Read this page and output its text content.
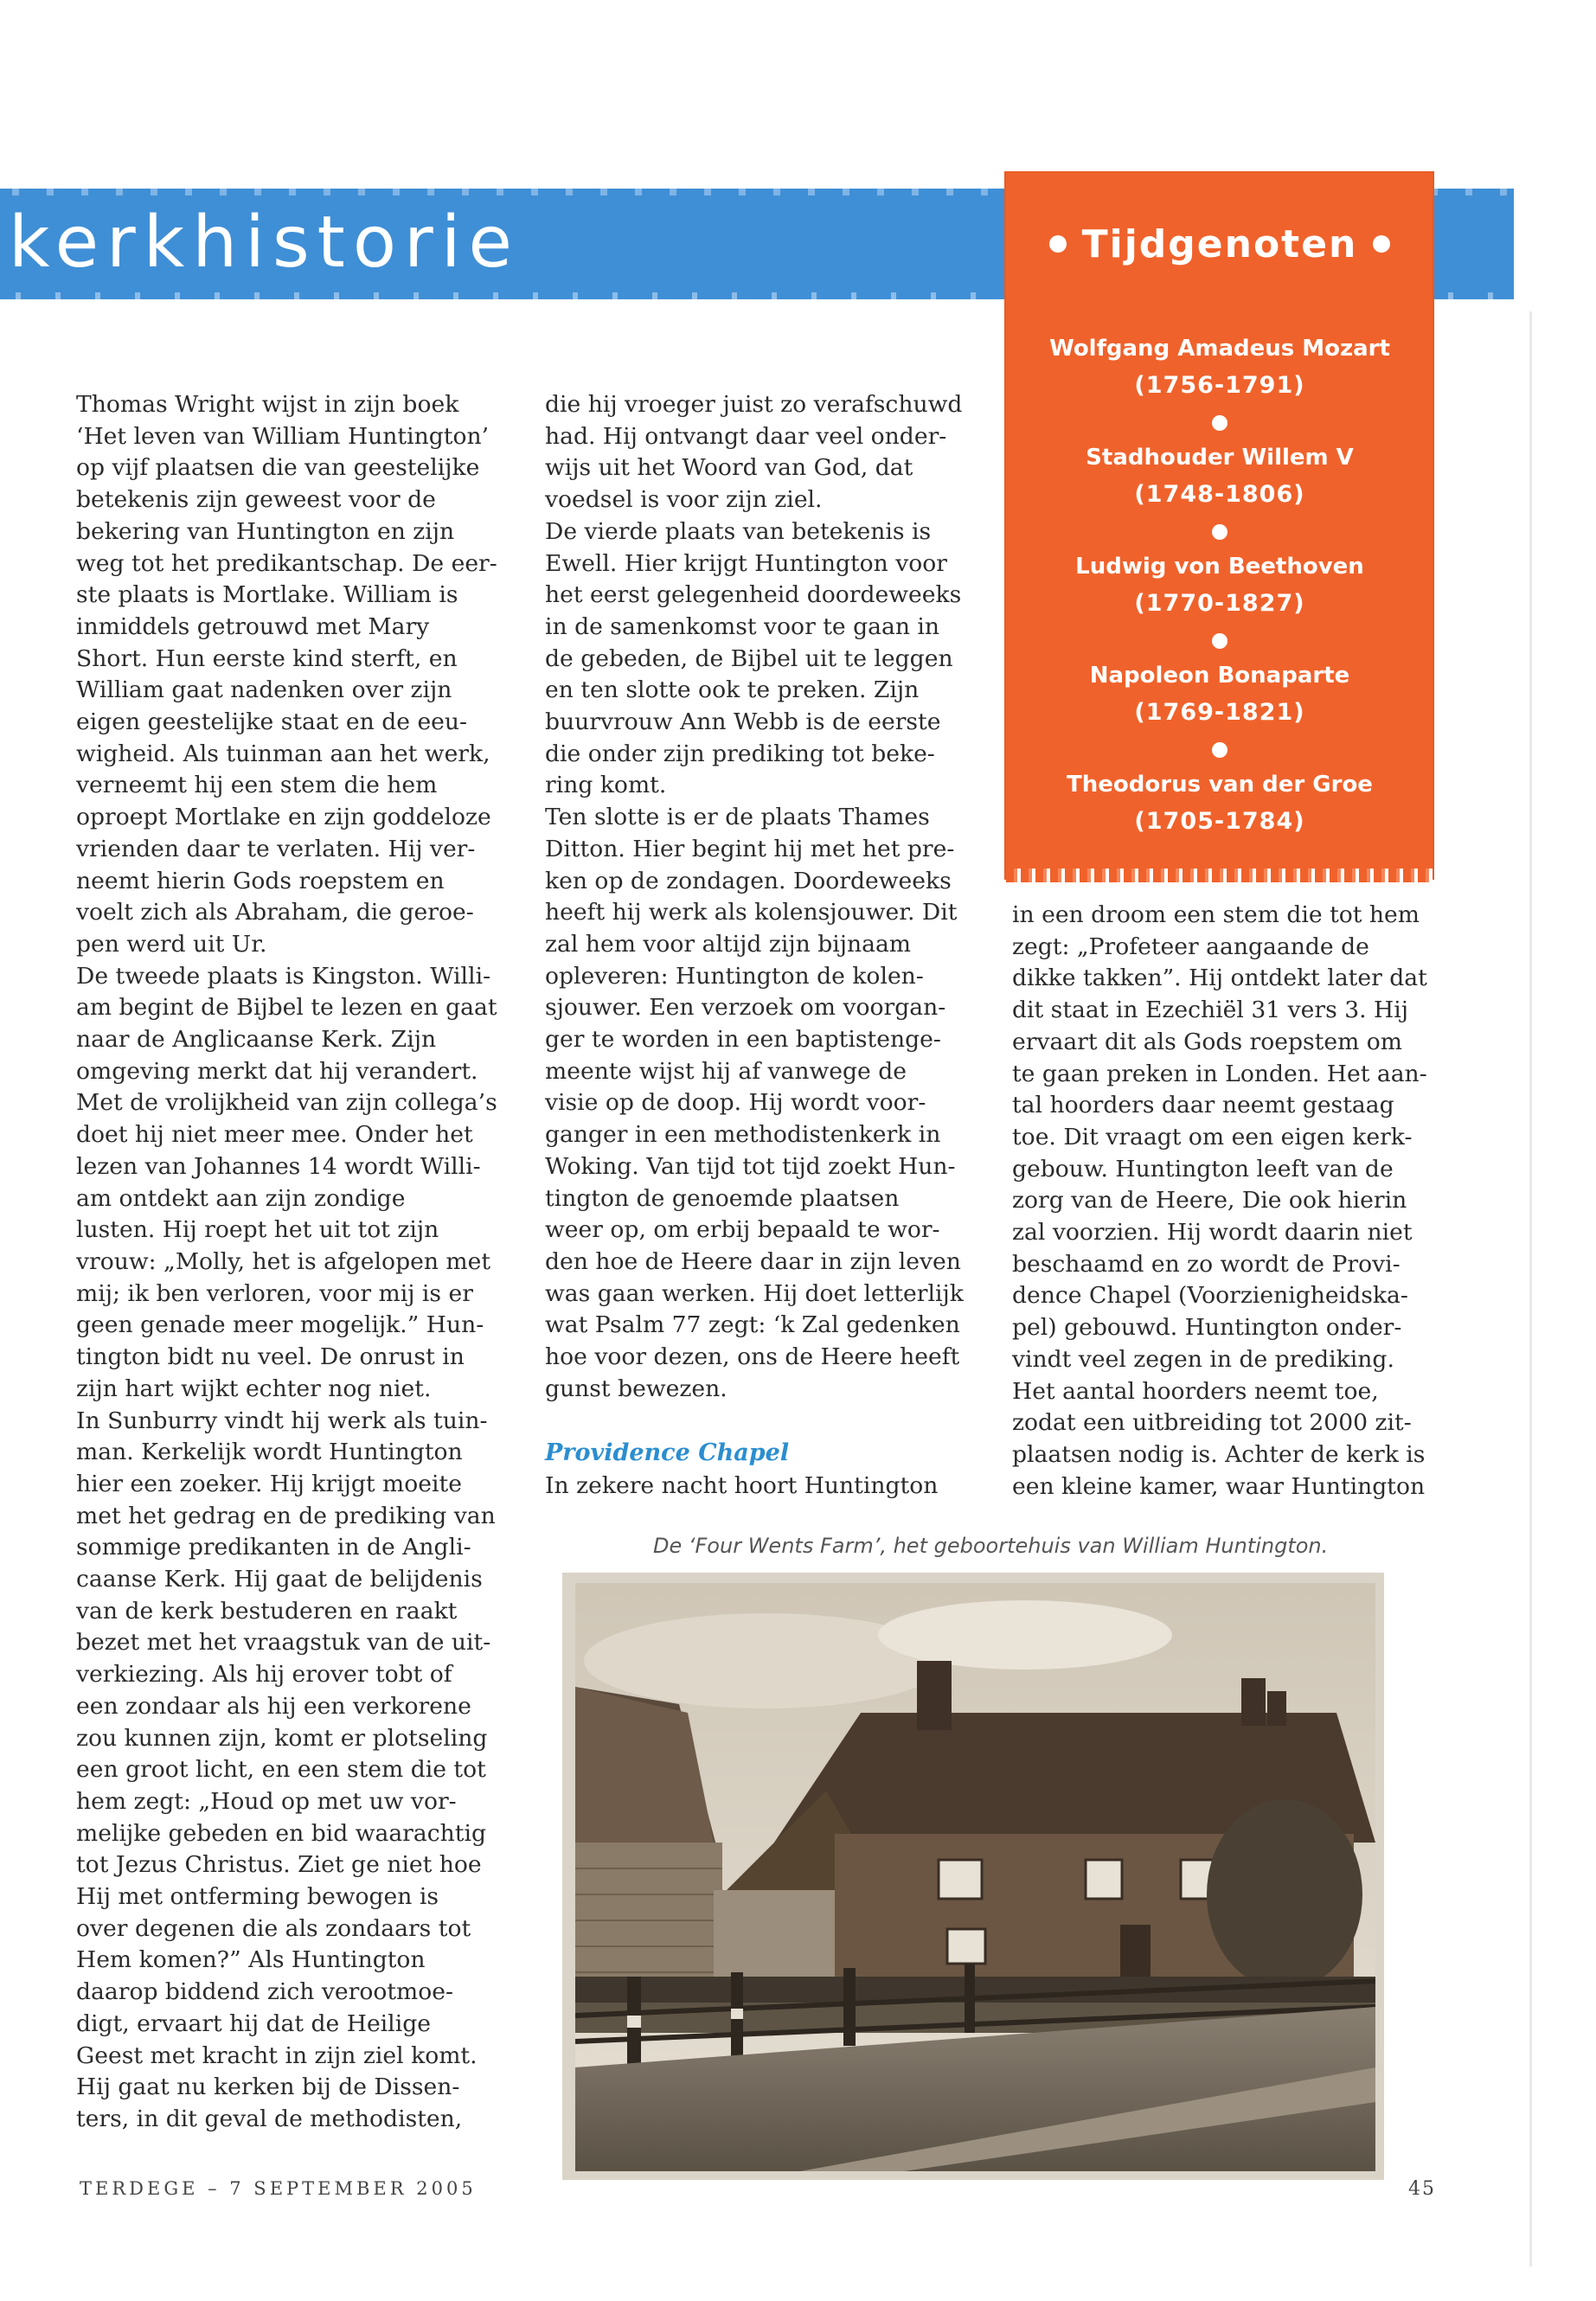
kerkhistorie	Tijdgenoten
Wolfgang Amadeus Mozart
(1756-1791)
Stadhouder Willem V
(1748-1806)
Ludwig von Beethoven
(1770-1827)
Napoleon Bonaparte
(1769-1821)
Theodorus van der Groe
(1705-1784)
Thomas Wright wijst in zijn boek
‘Het leven van William Huntington’
op vijf plaatsen die van geestelijke
betekenis zijn geweest voor de
bekering van Huntington en zijn
weg tot het predikantschap. De eer-
ste plaats is Mortlake. William is
inmiddels getrouwd met Mary
Short. Hun eerste kind sterft, en
William gaat nadenken over zijn
eigen geestelijke staat en de eeu-
wigheid. Als tuinman aan het werk,
verneemt hij een stem die hem
oproept Mortlake en zijn goddeloze
vrienden daar te verlaten. Hij ver-
neemt hierin Gods roepstem en
voelt zich als Abraham, die geroe-
pen werd uit Ur.
De tweede plaats is Kingston. Willi-
am begint de Bijbel te lezen en gaat
naar de Anglicaanse Kerk. Zijn
omgeving merkt dat hij verandert.
Met de vrolijkheid van zijn collega’s
doet hij niet meer mee. Onder het
lezen van Johannes 14 wordt Willi-
am ontdekt aan zijn zondige
lusten. Hij roept het uit tot zijn
vrouw: „Molly, het is afgelopen met
mij; ik ben verloren, voor mij is er
geen genade meer mogelijk.” Hun-
tington bidt nu veel. De onrust in
zijn hart wijkt echter nog niet.
In Sunburry vindt hij werk als tuin-
man. Kerkelijk wordt Huntington
hier een zoeker. Hij krijgt moeite
met het gedrag en de prediking van
sommige predikanten in de Angli-
caanse Kerk. Hij gaat de belijdenis
van de kerk bestuderen en raakt
bezet met het vraagstuk van de uit-
verkiezing. Als hij erover tobt of
een zondaar als hij een verkorene
zou kunnen zijn, komt er plotseling
een groot licht, en een stem die tot
hem zegt: „Houd op met uw vor-
melijke gebeden en bid waarachtig
tot Jezus Christus. Ziet ge niet hoe
Hij met ontferming bewogen is
over degenen die als zondaars tot
Hem komen?” Als Huntington
daarop biddend zich verootmoe-
digt, ervaart hij dat de Heilige
Geest met kracht in zijn ziel komt.
Hij gaat nu kerken bij de Dissen-
ters, in dit geval de methodisten,
die hij vroeger juist zo verafschuwd
had. Hij ontvangt daar veel onder-
wijs uit het Woord van God, dat
voedsel is voor zijn ziel.
De vierde plaats van betekenis is
Ewell. Hier krijgt Huntington voor
het eerst gelegenheid doordeweeks
in de samenkomst voor te gaan in
de gebeden, de Bijbel uit te leggen
en ten slotte ook te preken. Zijn
buurvrouw Ann Webb is de eerste
die onder zijn prediking tot beke-
ring komt.
Ten slotte is er de plaats Thames
Ditton. Hier begint hij met het pre-
ken op de zondagen. Doordeweeks
heeft hij werk als kolensjouwer. Dit
zal hem voor altijd zijn bijnaam
opleveren: Huntington de kolen-
sjouwer. Een verzoek om voorgan-
ger te worden in een baptistenge-
meente wijst hij af vanwege de
visie op de doop. Hij wordt voor-
ganger in een methodistenkerk in
Woking. Van tijd tot tijd zoekt Hun-
tington de genoemde plaatsen
weer op, om erbij bepaald te wor-
den hoe de Heere daar in zijn leven
was gaan werken. Hij doet letterlijk
wat Psalm 77 zegt: ‘k Zal gedenken
hoe voor dezen, ons de Heere heeft
gunst bewezen.
Providence Chapel
In zekere nacht hoort Huntington
in een droom een stem die tot hem
zegt: „Profeteer aangaande de
dikke takken”. Hij ontdekt later dat
dit staat in Ezechiël 31 vers 3. Hij
ervaart dit als Gods roepstem om
te gaan preken in Londen. Het aan-
tal hoorders daar neemt gestaag
toe. Dit vraagt om een eigen kerk-
gebouw. Huntington leeft van de
zorg van de Heere, Die ook hierin
zal voorzien. Hij wordt daarin niet
beschaamd en zo wordt de Provi-
dence Chapel (Voorzienigheidska-
pel) gebouwd. Huntington onder-
vindt veel zegen in de prediking.
Het aantal hoorders neemt toe,
zodat een uitbreiding tot 2000 zit-
plaatsen nodig is. Achter de kerk is
een kleine kamer, waar Huntington
De ‘Four Wents Farm’, het geboortehuis van William Huntington.
TERDEGE – 7 SEPTEMBER 2005	45
